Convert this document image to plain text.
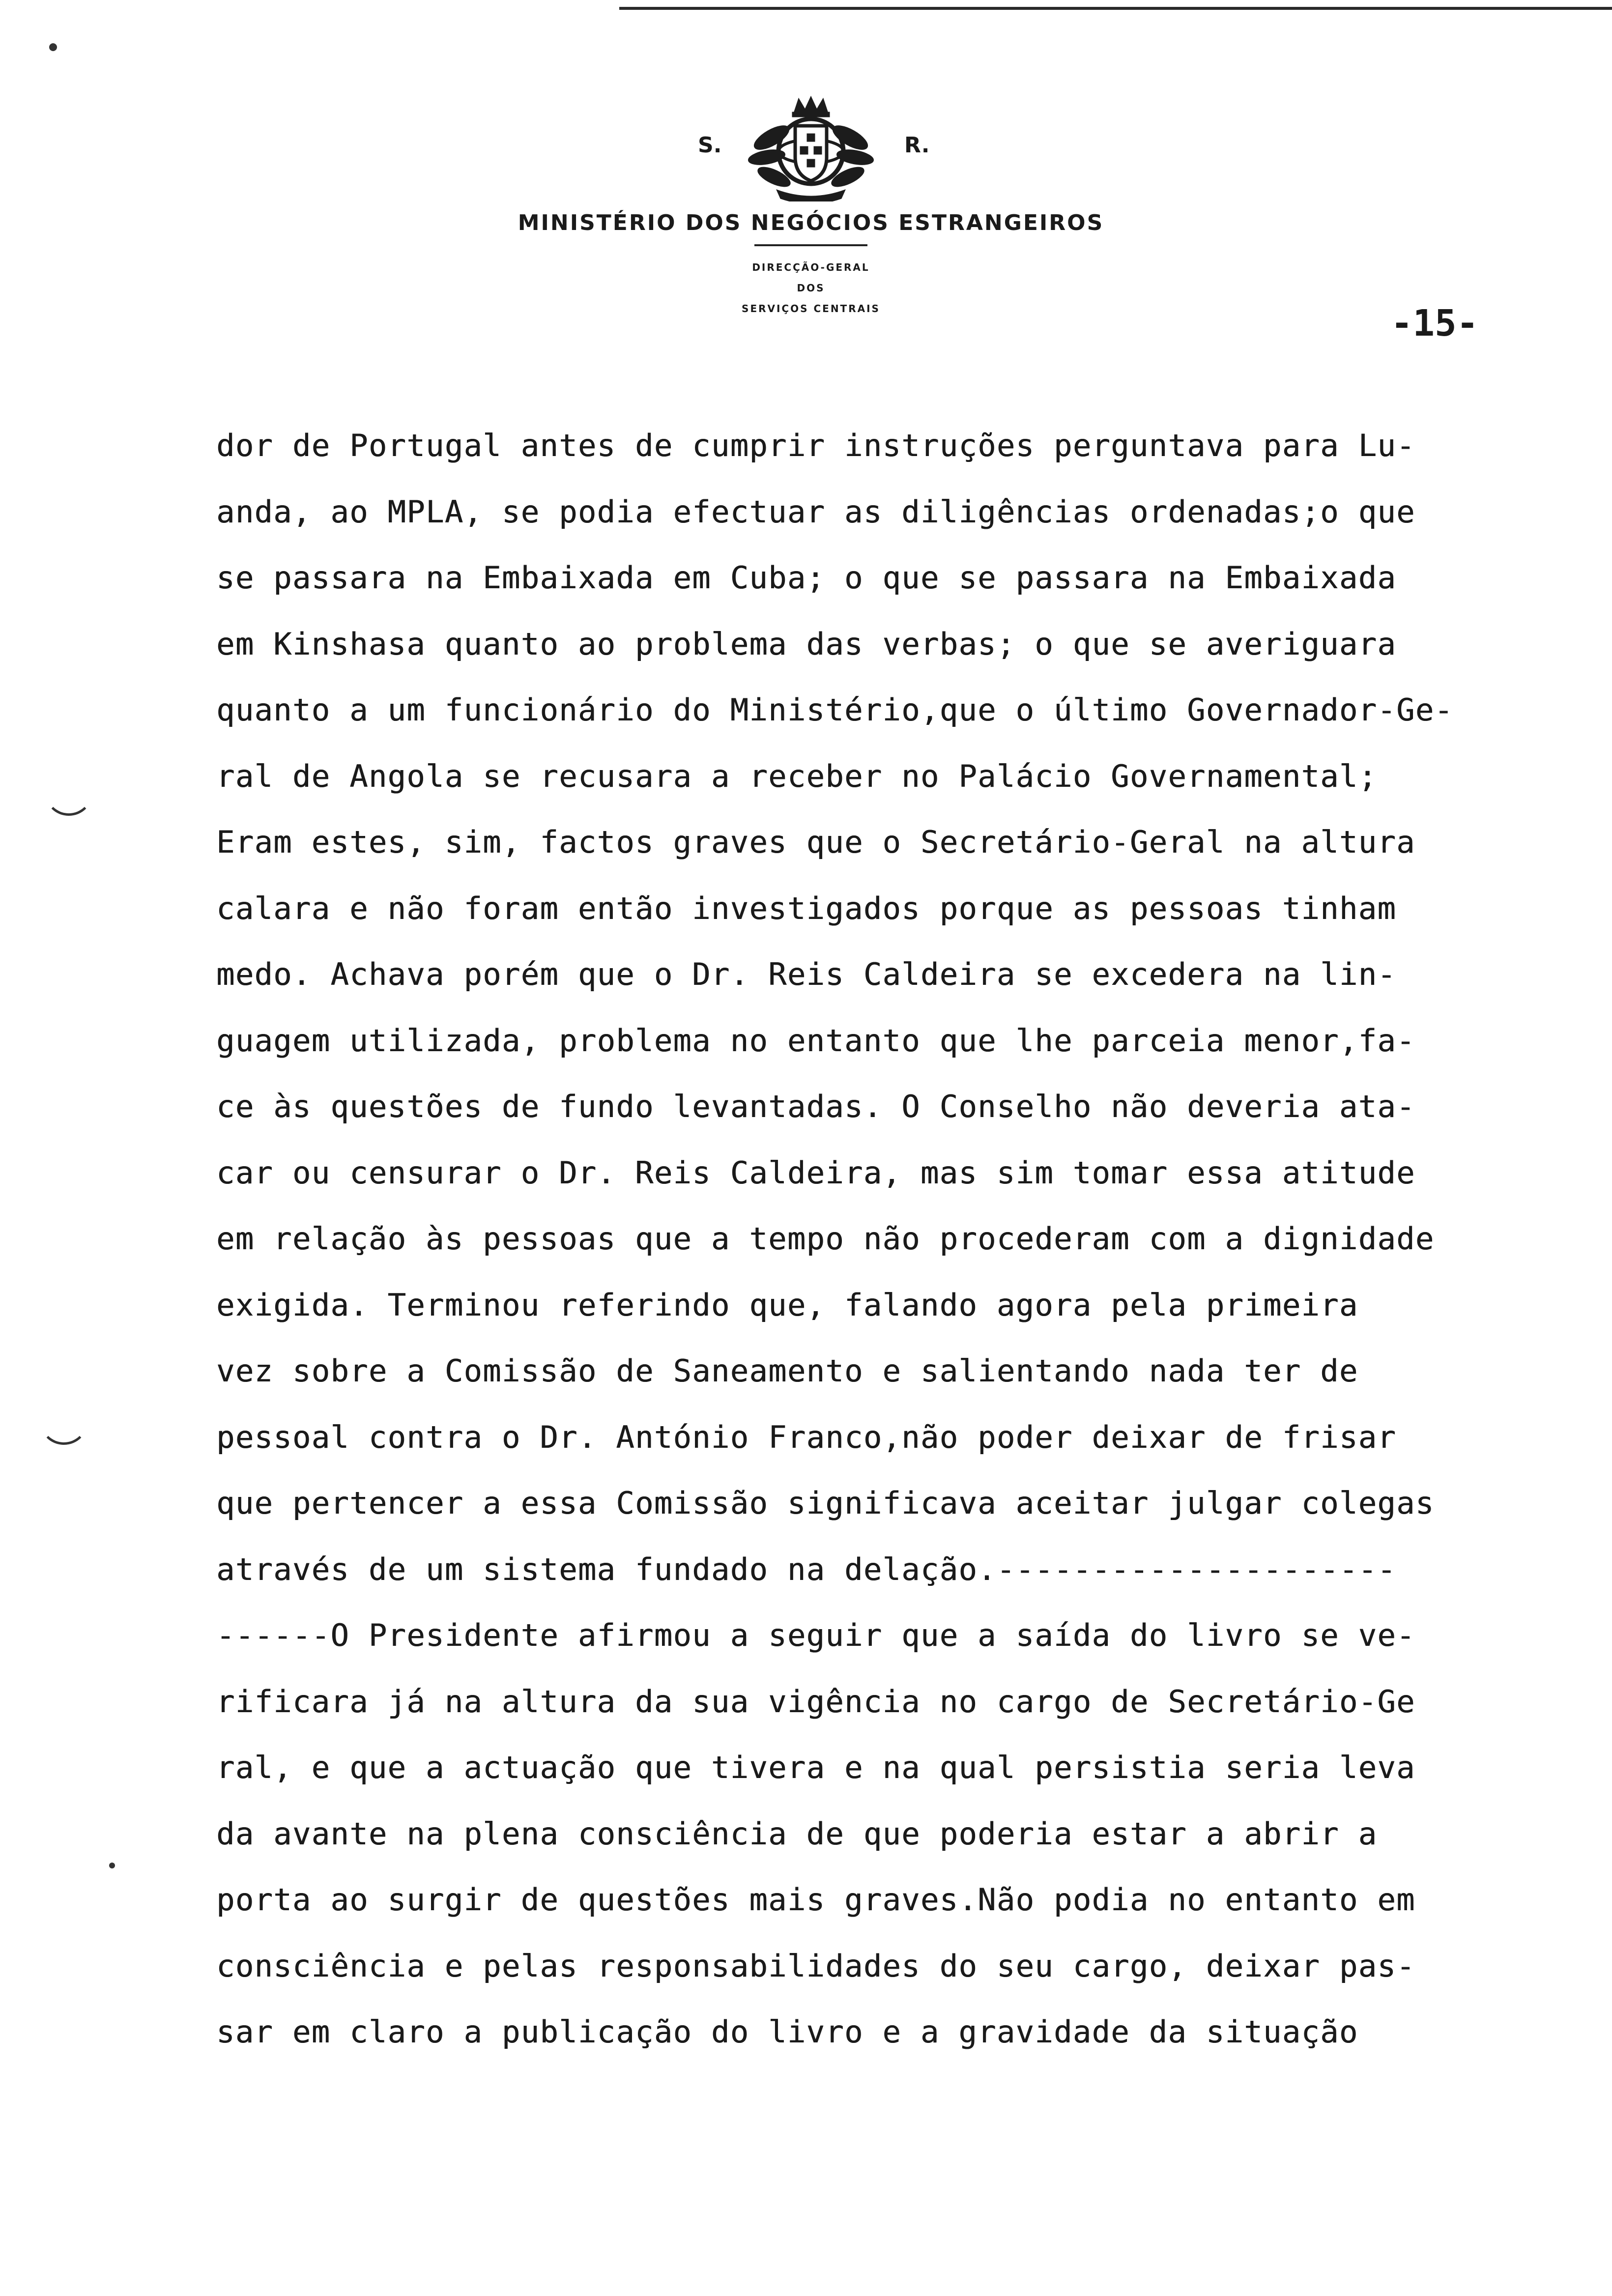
S.	R.
MINISTÉRIO DOS NEGÓCIOS ESTRANGEIROS
DIRECÇÃO-GERAL
DOS
SERVIÇOS CENTRAIS	-15-
dor de Portugal antes de cumprir instruções perguntava para Lu-
anda, ao MPLA, se podia efectuar as diligências ordenadas;o que
se passara na Embaixada em Cuba; o que se passara na Embaixada
em Kinshasa quanto ao problema das verbas; o que se averiguara
quanto a um funcionário do Ministério,que o último Governador-Ge-
ral de Angola se recusara a receber no Palácio Governamental;
Eram estes, sim, factos graves que o Secretário-Geral na altura
calara e não foram então investigados porque as pessoas tinham
medo. Achava porém que o Dr. Reis Caldeira se excedera na lin-
guagem utilizada, problema no entanto que lhe parceia menor,fa-
ce às questões de fundo levantadas. O Conselho não deveria ata-
car ou censurar o Dr. Reis Caldeira, mas sim tomar essa atitude
em relação às pessoas que a tempo não procederam com a dignidade
exigida. Terminou referindo que, falando agora pela primeira
vez sobre a Comissão de Saneamento e salientando nada ter de
pessoal contra o Dr. António Franco,não poder deixar de frisar
que pertencer a essa Comissão significava aceitar julgar colegas
através de um sistema fundado na delação.---------------------
------O Presidente afirmou a seguir que a saída do livro se ve-
rificara já na altura da sua vigência no cargo de Secretário-Ge
ral, e que a actuação que tivera e na qual persistia seria leva
da avante na plena consciência de que poderia estar a abrir a
porta ao surgir de questões mais graves.Não podia no entanto em
consciência e pelas responsabilidades do seu cargo, deixar pas-
sar em claro a publicação do livro e a gravidade da situação
